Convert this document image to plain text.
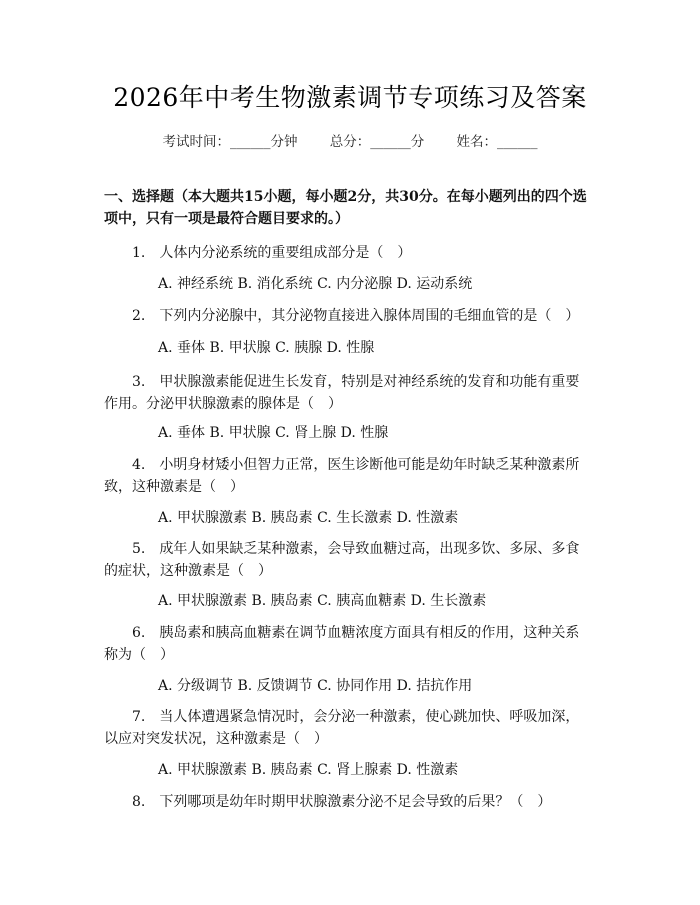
2026年中考生物激素调节专项练习及答案
考试时间：______分钟 总分：______分 姓名：______
一、选择题（本大题共15小题，每小题2分，共30分。在每小题列出的四个选项中，只有一项是最符合题目要求的。）
1.　人体内分泌系统的重要组成部分是（　）
A. 神经系统 B. 消化系统 C. 内分泌腺 D. 运动系统
2.　下列内分泌腺中，其分泌物直接进入腺体周围的毛细血管的是（　）
A. 垂体 B. 甲状腺 C. 胰腺 D. 性腺
3.　甲状腺激素能促进生长发育，特别是对神经系统的发育和功能有重要作用。分泌甲状腺激素的腺体是（　）
A. 垂体 B. 甲状腺 C. 肾上腺 D. 性腺
4.　小明身材矮小但智力正常，医生诊断他可能是幼年时缺乏某种激素所致，这种激素是（　）
A. 甲状腺激素 B. 胰岛素 C. 生长激素 D. 性激素
5.　成年人如果缺乏某种激素，会导致血糖过高，出现多饮、多尿、多食的症状，这种激素是（　）
A. 甲状腺激素 B. 胰岛素 C. 胰高血糖素 D. 生长激素
6.　胰岛素和胰高血糖素在调节血糖浓度方面具有相反的作用，这种关系称为（　）
A. 分级调节 B. 反馈调节 C. 协同作用 D. 拮抗作用
7.　当人体遭遇紧急情况时，会分泌一种激素，使心跳加快、呼吸加深，以应对突发状况，这种激素是（　）
A. 甲状腺激素 B. 胰岛素 C. 肾上腺素 D. 性激素
8.　下列哪项是幼年时期甲状腺激素分泌不足会导致的后果？（　）
